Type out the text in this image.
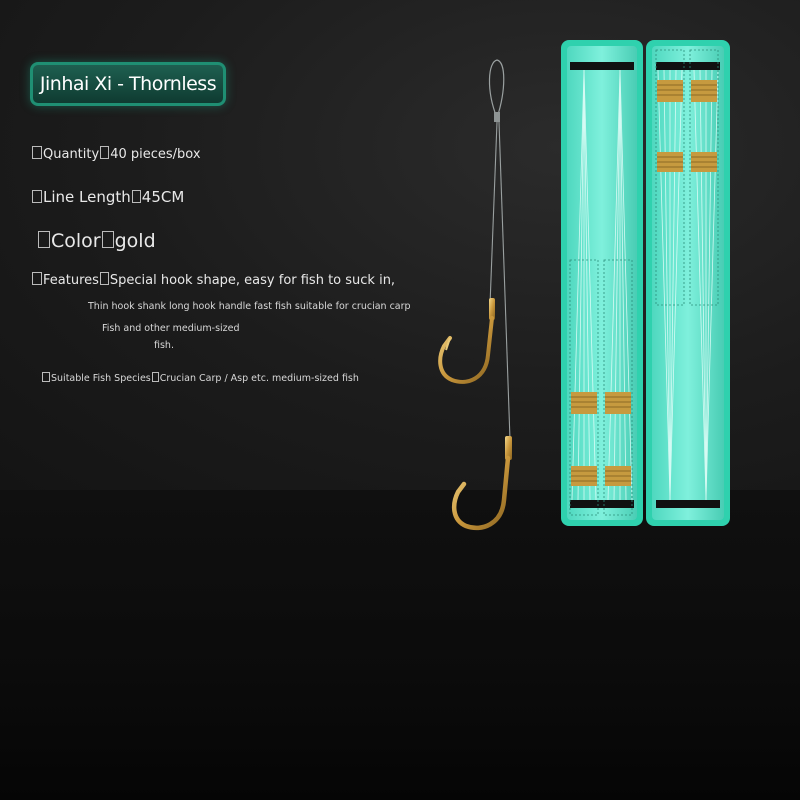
Jinhai Xi - Thornless
Quantity 40 pieces/box
Line Length 45CM
Color gold
Features Special hook shape, easy for fish to suck in,
Thin hook shank long hook handle fast fish suitable for crucian carp
Fish and other medium-sized
fish.
Suitable Fish Species Crucian Carp / Asp etc. medium-sized fish
